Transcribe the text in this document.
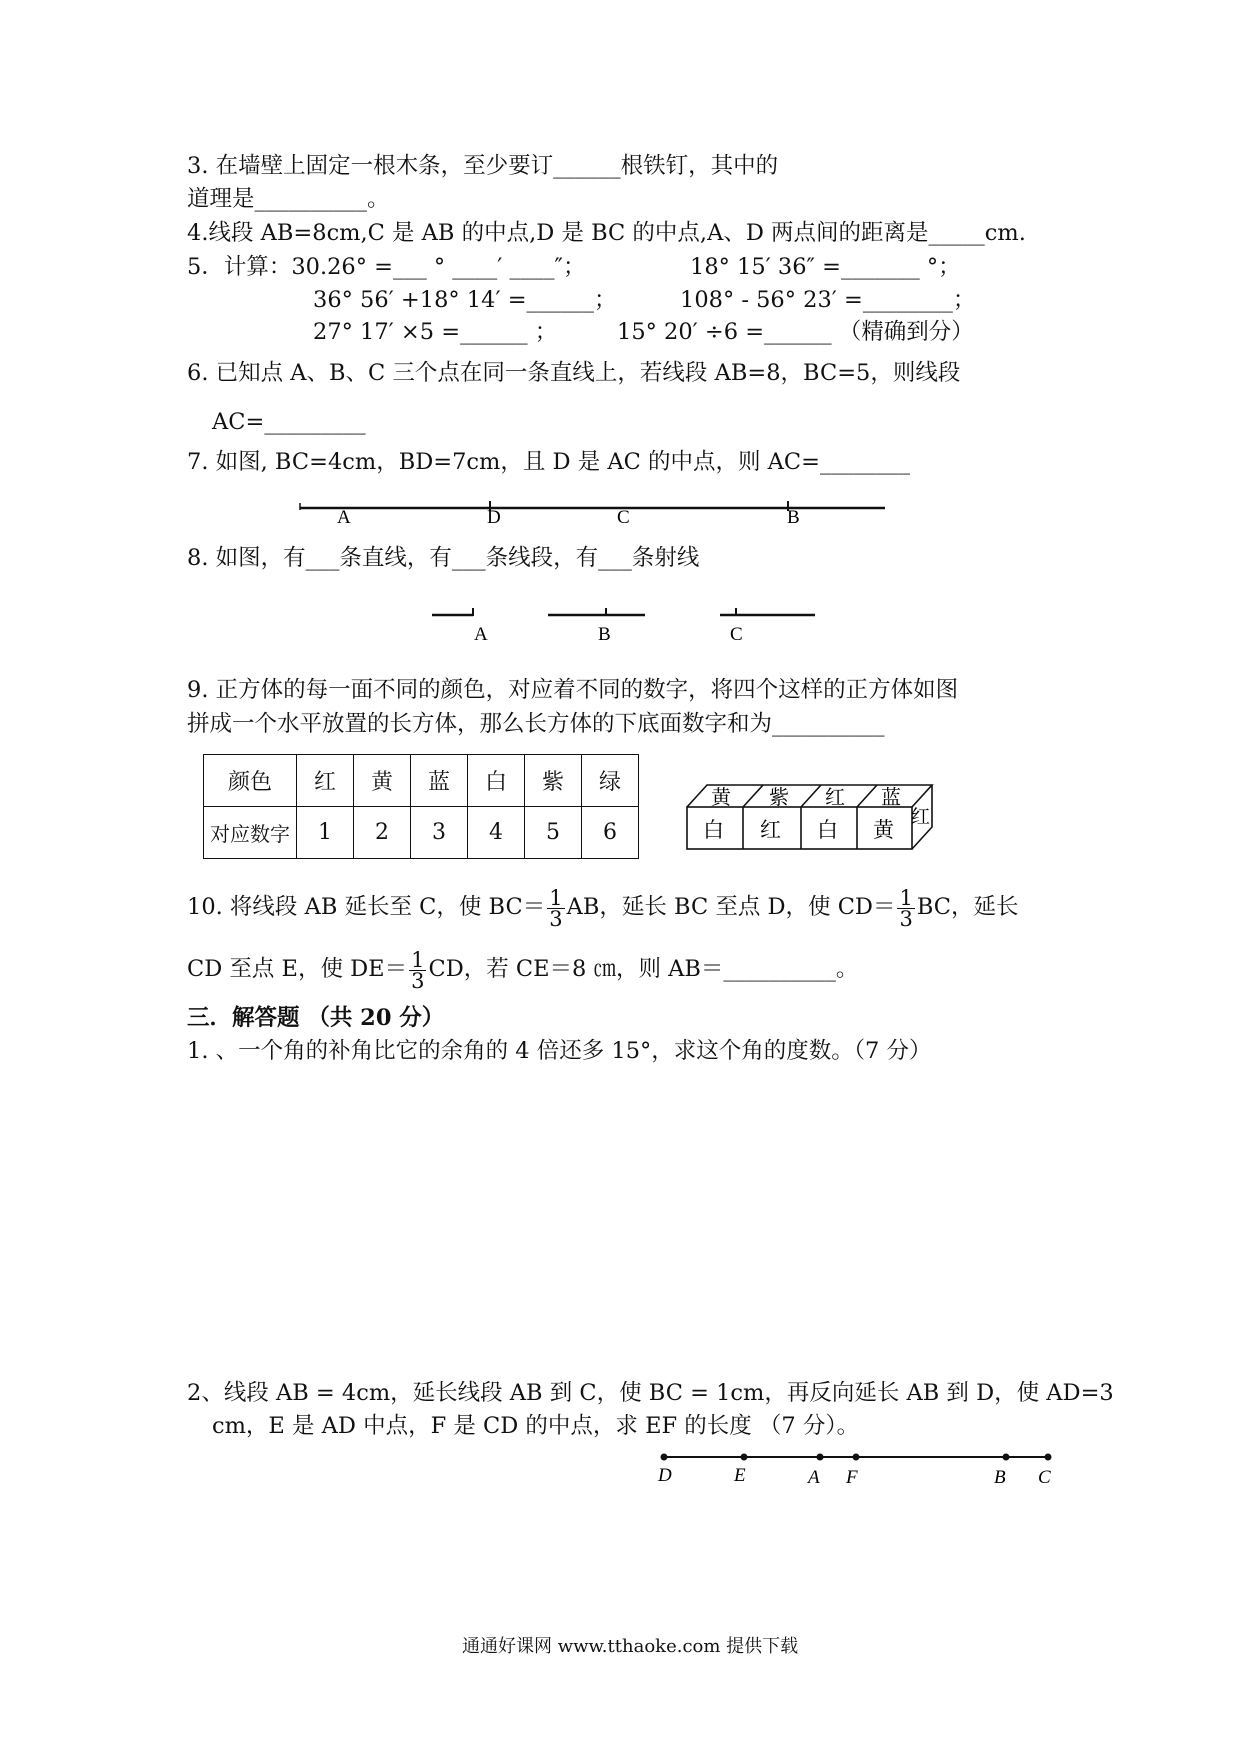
3. 在墙壁上固定一根木条，至少要订______根铁钉，其中的
道理是__________。
4.线段 AB=8cm,C 是 AB 的中点,D 是 BC 的中点,A、D 两点间的距离是_____cm.
5．计算：30.26° =___ ° ____′ ____″；	18° 15′ 36″ =_______ °；
36° 56′ +18° 14′ =______；	108° - 56° 23′ =________；
27° 17′ ×5 =______ ；	15° 20′ ÷6 =______ （精确到分）
6. 已知点 A、B、C 三个点在同一条直线上，若线段 AB=8，BC=5，则线段
AC=_________
7. 如图, BC=4cm，BD=7cm，且 D 是 AC 的中点，则 AC=________
A	D	C	B
8. 如图，有___条直线，有___条线段，有___条射线
A	B	C
9. 正方体的每一面不同的颜色，对应着不同的数字，将四个这样的正方体如图
拼成一个水平放置的长方体，那么长方体的下底面数字和为__________
颜色	红	黄	蓝	白	紫	绿
对应数字	1	2	3	4	5	6
黄 紫 红 蓝
白 红 白 黄
红
10. 将线段 AB 延长至 C，使 $BC= \frac{1}{3}$ AB，延长 BC 至点 D，使 $CD= \frac{1}{3}$ BC，延长
CD 至点 E，使 $DE= \frac{1}{3}$ CD，若 CE＝8 ㎝，则 AB＝__________。
三．解答题 （共 20 分）
1. 、一个角的补角比它的余角的 4 倍还多 15°，求这个角的度数。（7 分）
2、线段 AB = 4cm，延长线段 AB 到 C，使 BC = 1cm，再反向延长 AB 到 D，使 AD=3
cm，E 是 AD 中点，F 是 CD 的中点，求 EF 的长度 （7 分）。
D	E	A F	B C
通通好课网 www.tthaoke.com 提供下载
